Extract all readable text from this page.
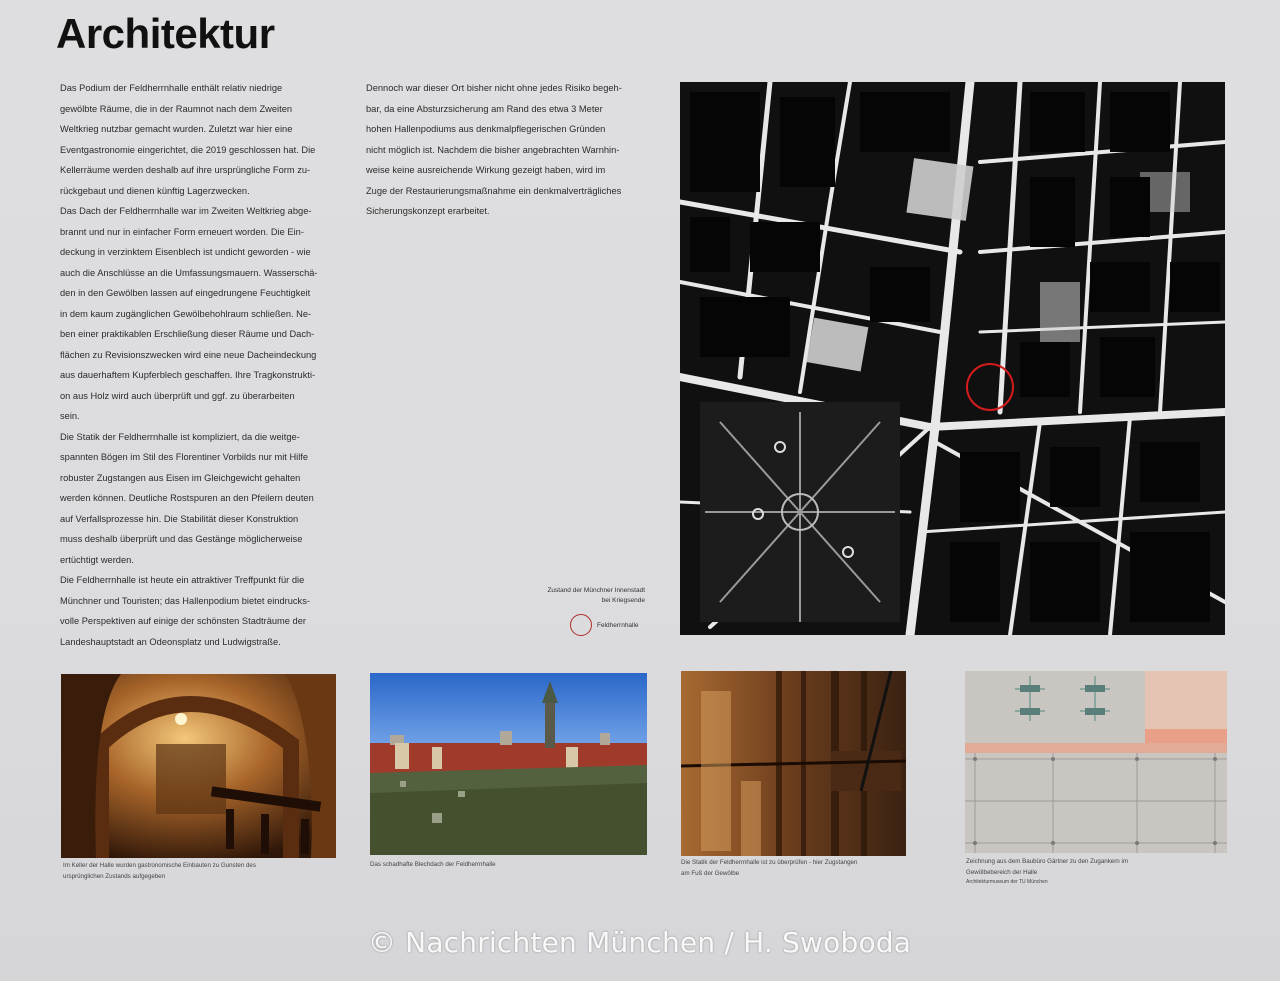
Architektur

Das Podium der Feldherrnhalle enthält relativ niedrige

gewölbte Räume, die in der Raumnot nach dem Zweiten

Weltkrieg nutzbar gemacht wurden. Zuletzt war hier eine

Eventgastronomie eingerichtet, die 2019 geschlossen hat. Die

Kellerräume werden deshalb auf ihre ursprüngliche Form zu-

rückgebaut und dienen künftig Lagerzwecken.

Das Dach der Feldherrnhalle war im Zweiten Weltkrieg abge-

brannt und nur in einfacher Form erneuert worden. Die Ein-

deckung in verzinktem Eisenblech ist undicht geworden - wie

auch die Anschlüsse an die Umfassungsmauern. Wasserschä-

den in den Gewölben lassen auf eingedrungene Feuchtigkeit

in dem kaum zugänglichen Gewölbehohlraum schließen. Ne-

ben einer praktikablen Erschließung dieser Räume und Dach-

flächen zu Revisionszwecken wird eine neue Dacheindeckung

aus dauerhaftem Kupferblech geschaffen. Ihre Tragkonstrukti-

on aus Holz wird auch überprüft und ggf. zu überarbeiten

sein.

Die Statik der Feldherrnhalle ist kompliziert, da die weitge-

spannten Bögen im Stil des Florentiner Vorbilds nur mit Hilfe

robuster Zugstangen aus Eisen im Gleichgewicht gehalten

werden können. Deutliche Rostspuren an den Pfeilern deuten

auf Verfallsprozesse hin. Die Stabilität dieser Konstruktion

muss deshalb überprüft und das Gestänge möglicherweise

ertüchtigt werden.

Die Feldherrnhalle ist heute ein attraktiver Treffpunkt für die

Münchner und Touristen; das Hallenpodium bietet eindrucks-

volle Perspektiven auf einige der schönsten Stadträume der

Landeshauptstadt an Odeonsplatz und Ludwigstraße.

Dennoch war dieser Ort bisher nicht ohne jedes Risiko begeh-

bar, da eine Absturzsicherung am Rand des etwa 3 Meter

hohen Hallenpodiums aus denkmalpflegerischen Gründen

nicht möglich ist. Nachdem die bisher angebrachten Warnhin-

weise keine ausreichende Wirkung gezeigt haben, wird im

Zuge der Restaurierungsmaßnahme ein denkmalverträgliches

Sicherungskonzept erarbeitet.

Zustand der Münchner Innenstadt
bei Kriegsende
Feldherrnhalle
Im Keller der Halle wurden gastronomische Einbauten zu Gunsten des
ursprünglichen Zustands aufgegeben
Das schadhafte Blechdach der Feldherrnhalle	Die Statik der Feldherrnhalle ist zu überprüfen - hier Zugstangen
am Fuß der Gewölbe
Zeichnung aus dem Baubüro Gärtner zu den Zugankern im
Gewölbebereich der Halle
Architekturmuseum der TU München
© Nachrichten München / H. Swoboda
